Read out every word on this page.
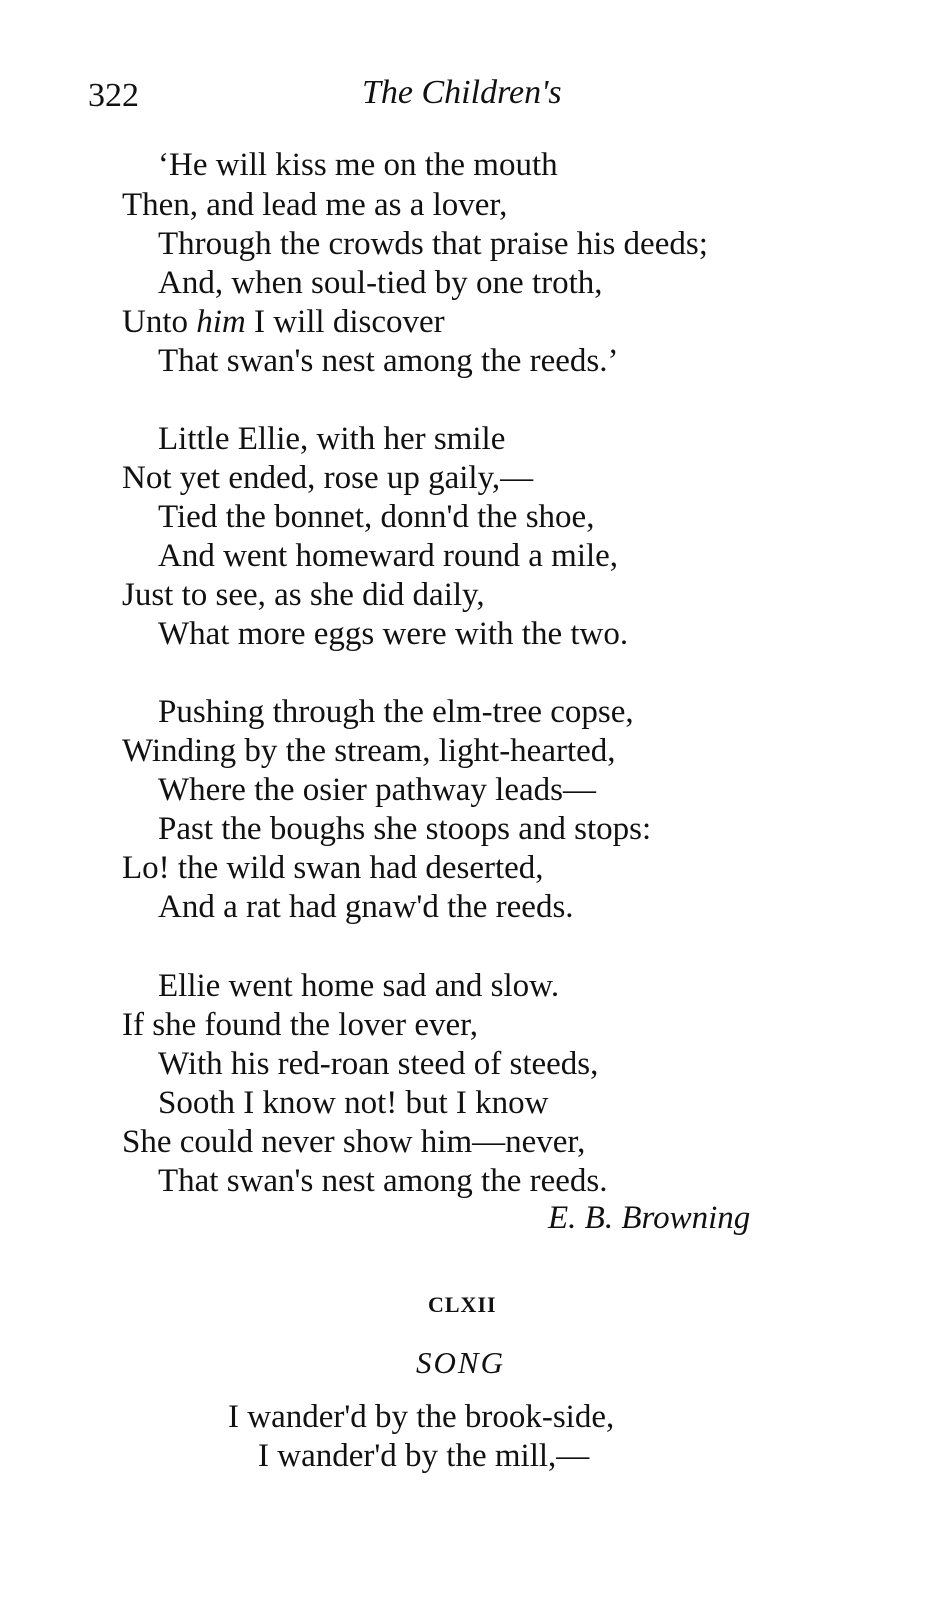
322	The Children's
‘He will kiss me on the mouth
Then, and lead me as a lover,
Through the crowds that praise his deeds;
And, when soul-tied by one troth,
Unto him I will discover
That swan's nest among the reeds.’
Little Ellie, with her smile
Not yet ended, rose up gaily,—
Tied the bonnet, donn'd the shoe,
And went homeward round a mile,
Just to see, as she did daily,
What more eggs were with the two.
Pushing through the elm-tree copse,
Winding by the stream, light-hearted,
Where the osier pathway leads—
Past the boughs she stoops and stops:
Lo! the wild swan had deserted,
And a rat had gnaw'd the reeds.
Ellie went home sad and slow.
If she found the lover ever,
With his red-roan steed of steeds,
Sooth I know not! but I know
She could never show him—never,
That swan's nest among the reeds.
E. B. Browning
CLXII
SONG
I wander'd by the brook-side,
I wander'd by the mill,—
